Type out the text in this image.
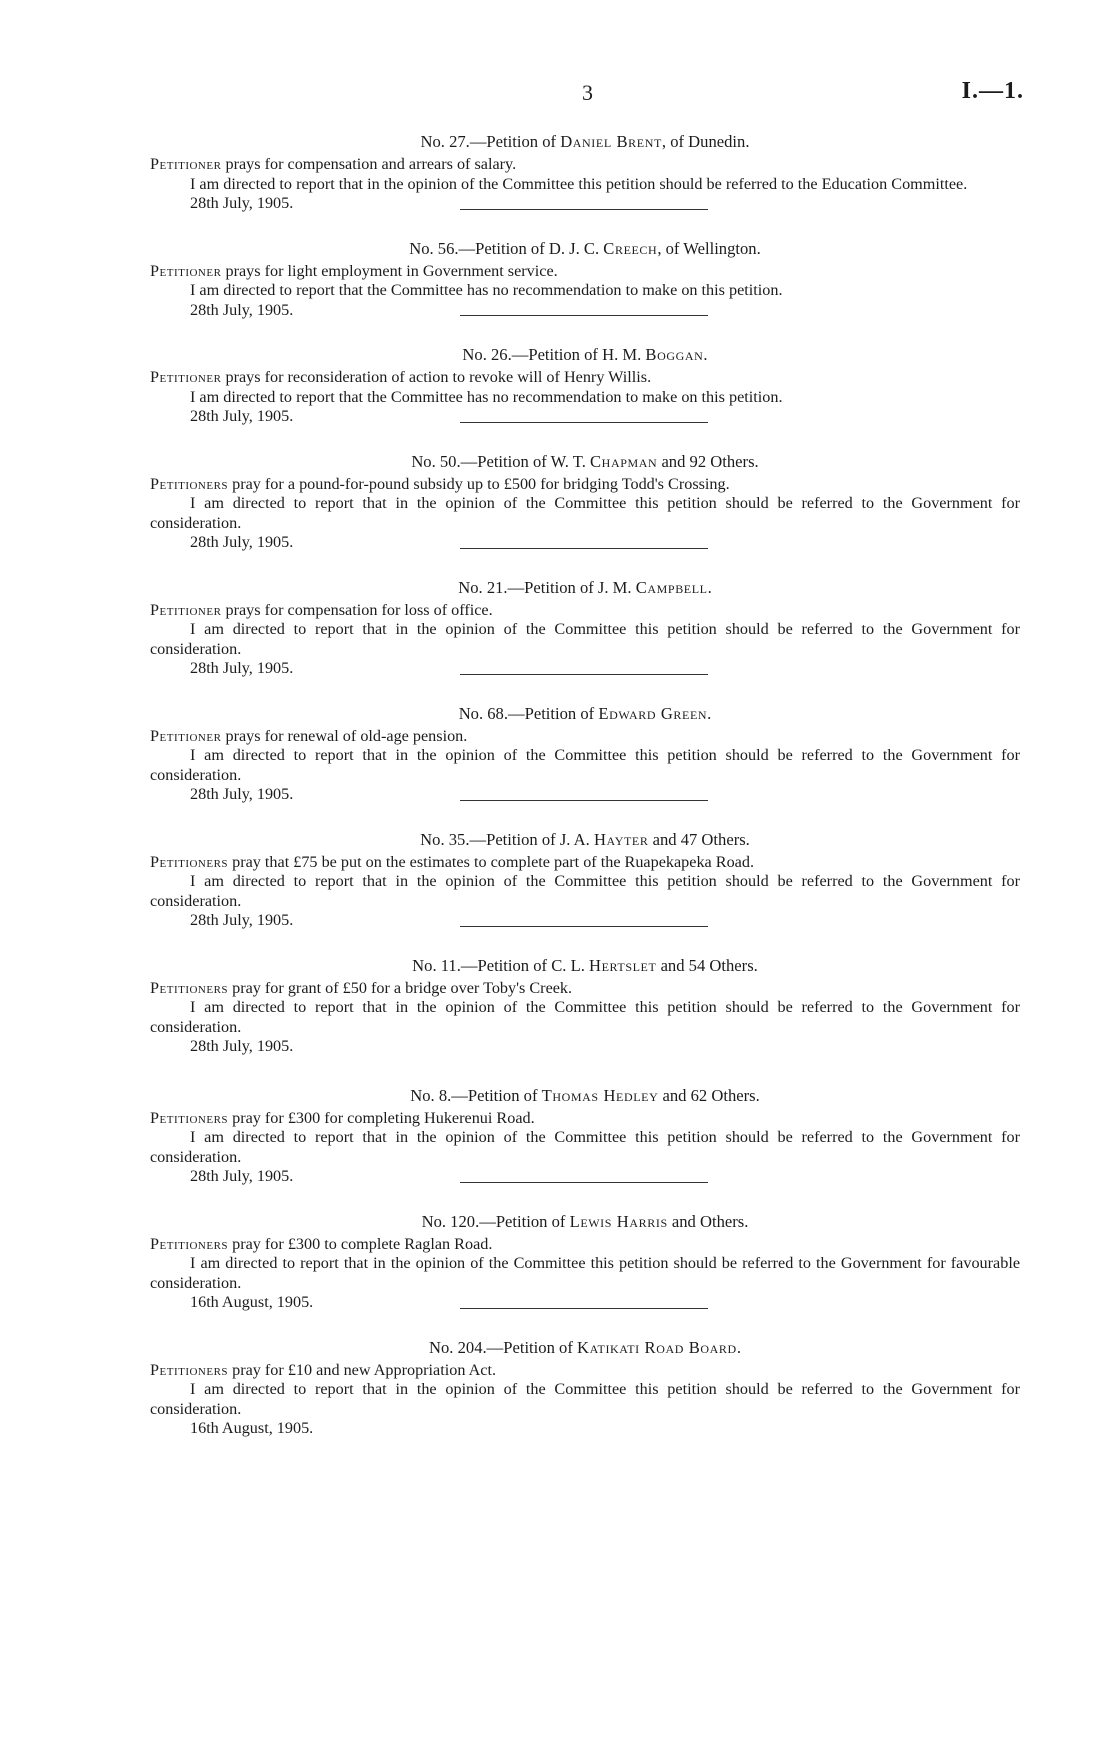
3	I.—1.
No. 27.—Petition of Daniel Brent, of Dunedin.

Petitioner prays for compensation and arrears of salary.

I am directed to report that in the opinion of the Committee this petition should be referred to the Education Committee.

28th July, 1905.

No. 56.—Petition of D. J. C. Creech, of Wellington.

Petitioner prays for light employment in Government service.

I am directed to report that the Committee has no recommendation to make on this petition.

28th July, 1905.

No. 26.—Petition of H. M. Boggan.

Petitioner prays for reconsideration of action to revoke will of Henry Willis.

I am directed to report that the Committee has no recommendation to make on this petition.

28th July, 1905.

No. 50.—Petition of W. T. Chapman and 92 Others.

Petitioners pray for a pound-for-pound subsidy up to £500 for bridging Todd's Crossing.

I am directed to report that in the opinion of the Committee this petition should be referred to the Government for consideration.

28th July, 1905.

No. 21.—Petition of J. M. Campbell.

Petitioner prays for compensation for loss of office.

I am directed to report that in the opinion of the Committee this petition should be referred to the Government for consideration.

28th July, 1905.

No. 68.—Petition of Edward Green.

Petitioner prays for renewal of old-age pension.

I am directed to report that in the opinion of the Committee this petition should be referred to the Government for consideration.

28th July, 1905.

No. 35.—Petition of J. A. Hayter and 47 Others.

Petitioners pray that £75 be put on the estimates to complete part of the Ruapekapeka Road.

I am directed to report that in the opinion of the Committee this petition should be referred to the Government for consideration.

28th July, 1905.

No. 11.—Petition of C. L. Hertslet and 54 Others.

Petitioners pray for grant of £50 for a bridge over Toby's Creek.

I am directed to report that in the opinion of the Committee this petition should be referred to the Government for consideration.

28th July, 1905.

No. 8.—Petition of Thomas Hedley and 62 Others.

Petitioners pray for £300 for completing Hukerenui Road.

I am directed to report that in the opinion of the Committee this petition should be referred to the Government for consideration.

28th July, 1905.

No. 120.—Petition of Lewis Harris and Others.

Petitioners pray for £300 to complete Raglan Road.

I am directed to report that in the opinion of the Committee this petition should be referred to the Government for favourable consideration.

16th August, 1905.

No. 204.—Petition of Katikati Road Board.

Petitioners pray for £10 and new Appropriation Act.

I am directed to report that in the opinion of the Committee this petition should be referred to the Government for consideration.

16th August, 1905.
